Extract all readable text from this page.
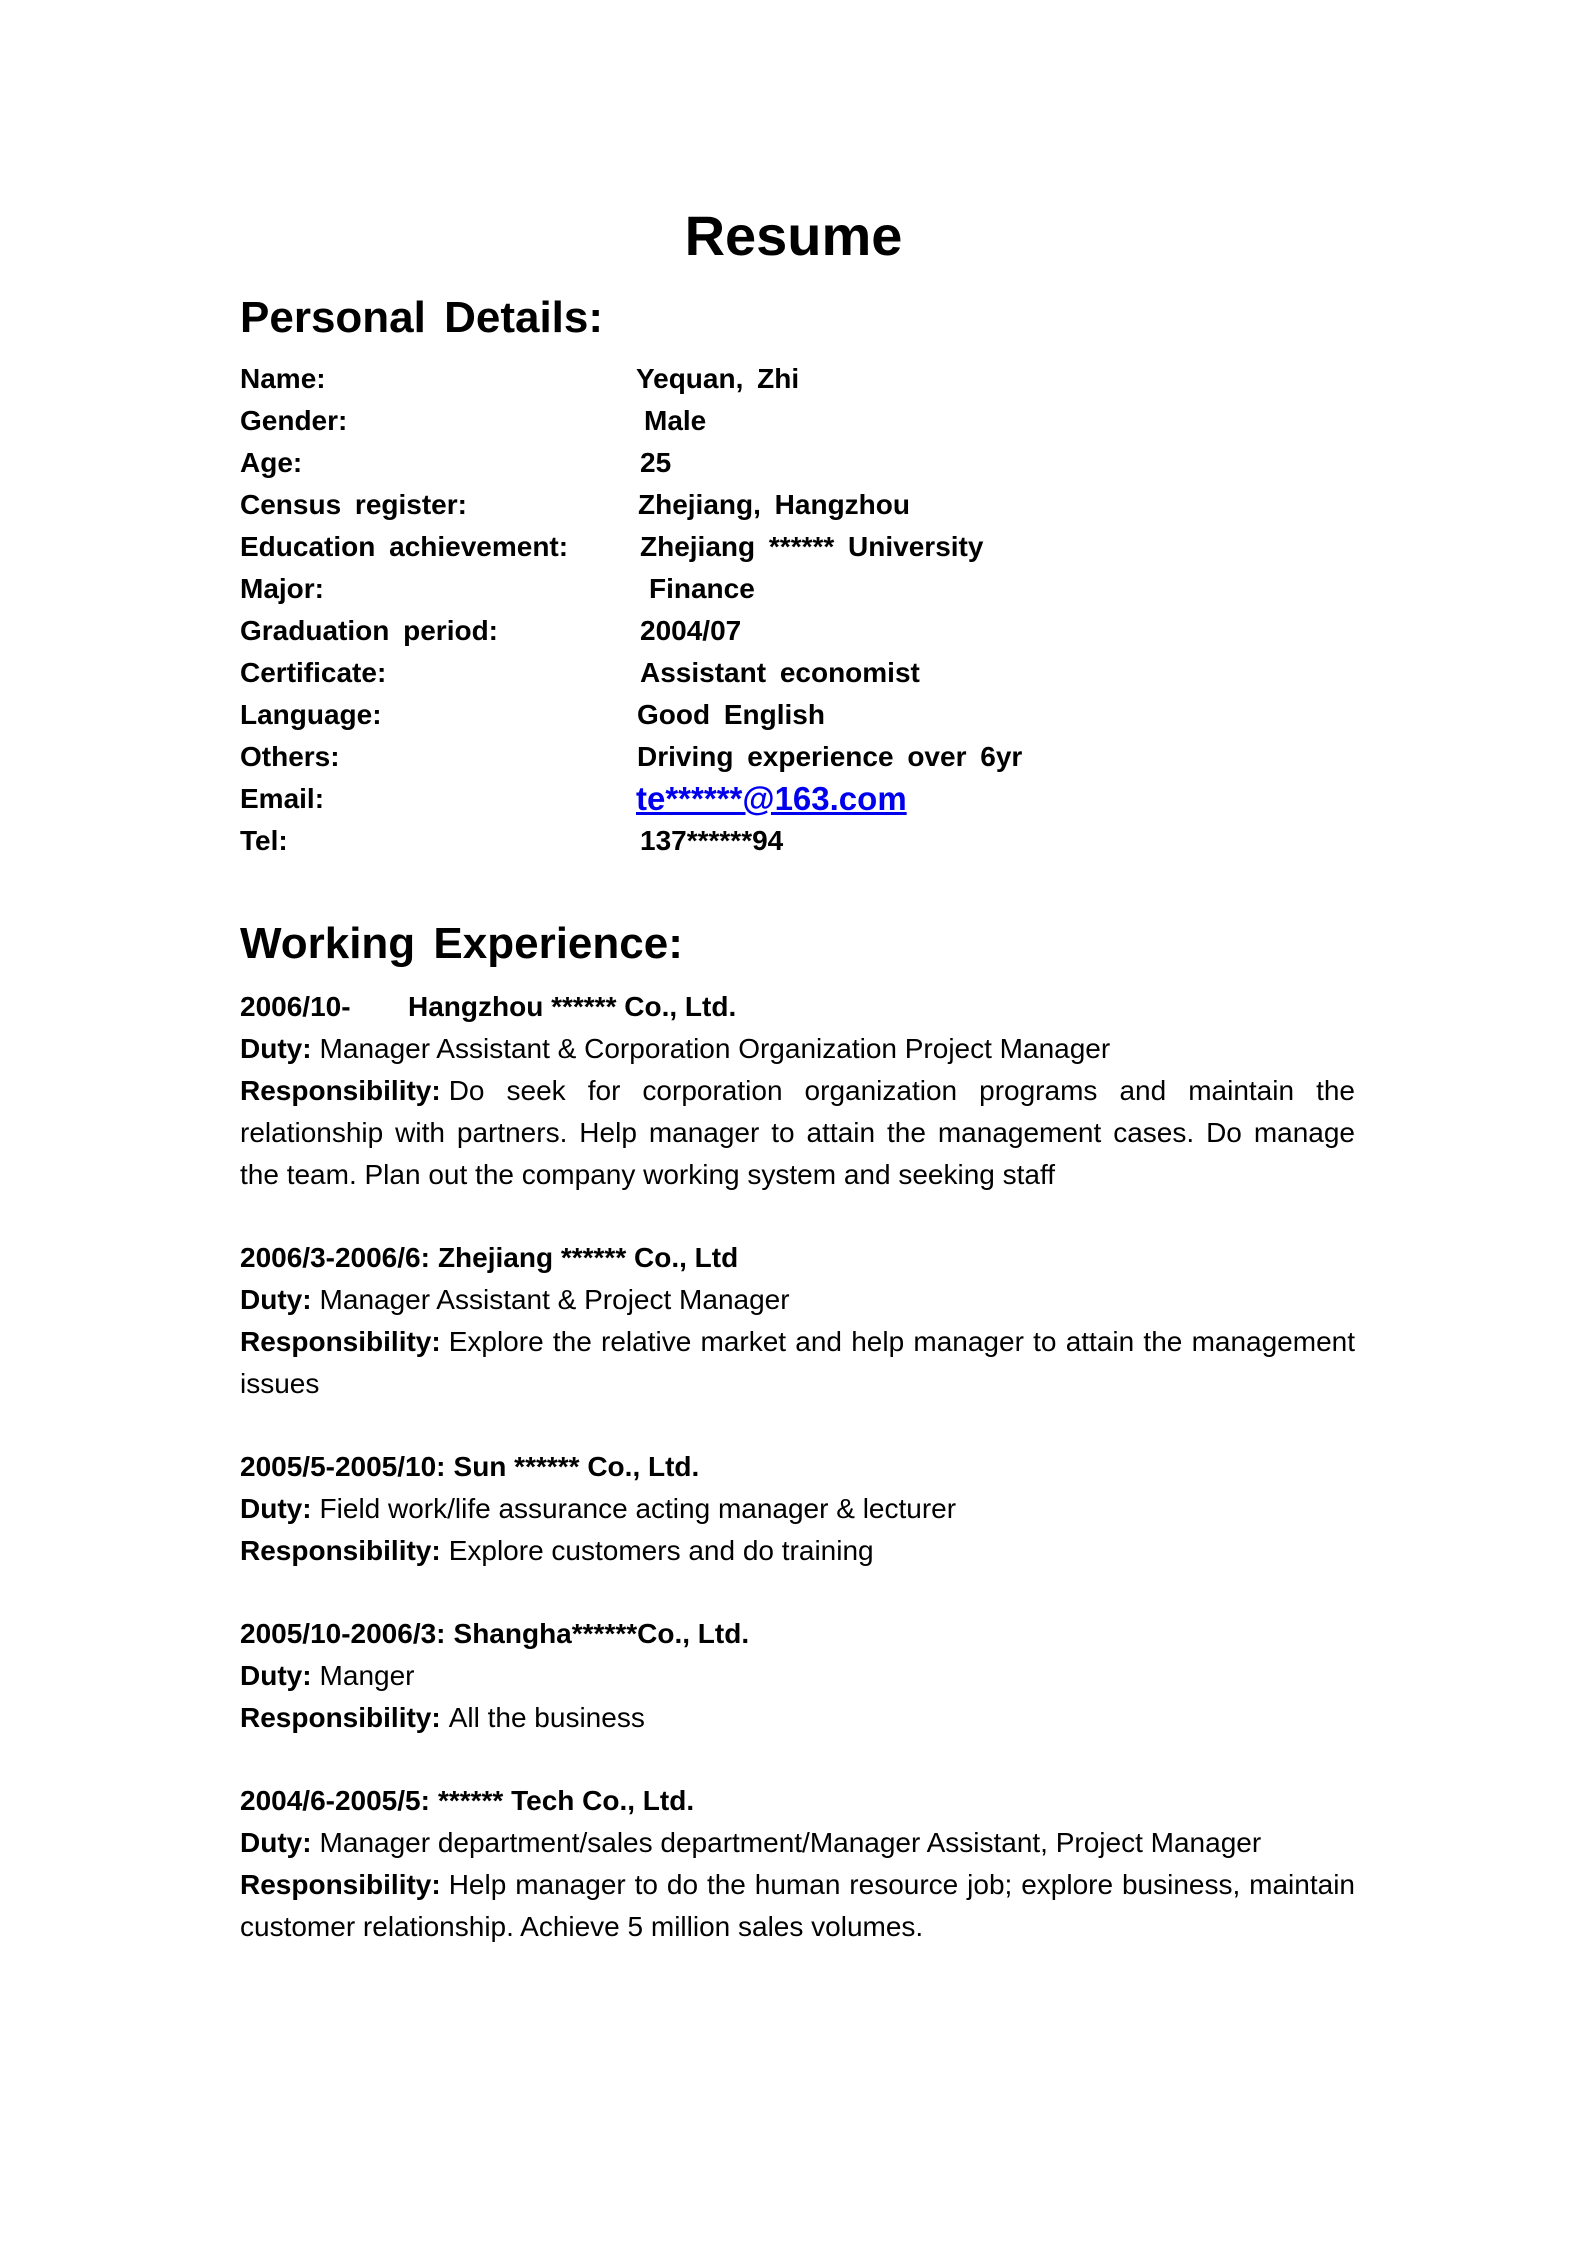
Resume
Personal Details:
Name:	Yequan, Zhi
Gender:	Male
Age:	25
Census register:	Zhejiang, Hangzhou
Education achievement:	Zhejiang ****** University
Major:	Finance
Graduation period:	2004/07
Certificate:	Assistant economist
Language:	Good English
Others:	Driving experience over 6yr
Email:	te******@163.com
Tel:	137******94
Working Experience:
2006/10- Hangzhou ****** Co., Ltd.
Duty: Manager Assistant & Corporation Organization Project Manager
Responsibility: Do seek for corporation organization programs and maintain the relationship with partners. Help manager to attain the management cases. Do manage the team. Plan out the company working system and seeking staff
2006/3-2006/6: Zhejiang ****** Co., Ltd
Duty: Manager Assistant & Project Manager
Responsibility: Explore the relative market and help manager to attain the management issues
2005/5-2005/10: Sun ****** Co., Ltd.
Duty: Field work/life assurance acting manager & lecturer
Responsibility: Explore customers and do training
2005/10-2006/3: Shangha******Co., Ltd.
Duty: Manger
Responsibility: All the business
2004/6-2005/5: ****** Tech Co., Ltd.
Duty: Manager department/sales department/Manager Assistant, Project Manager
Responsibility: Help manager to do the human resource job; explore business, maintain customer relationship. Achieve 5 million sales volumes.
